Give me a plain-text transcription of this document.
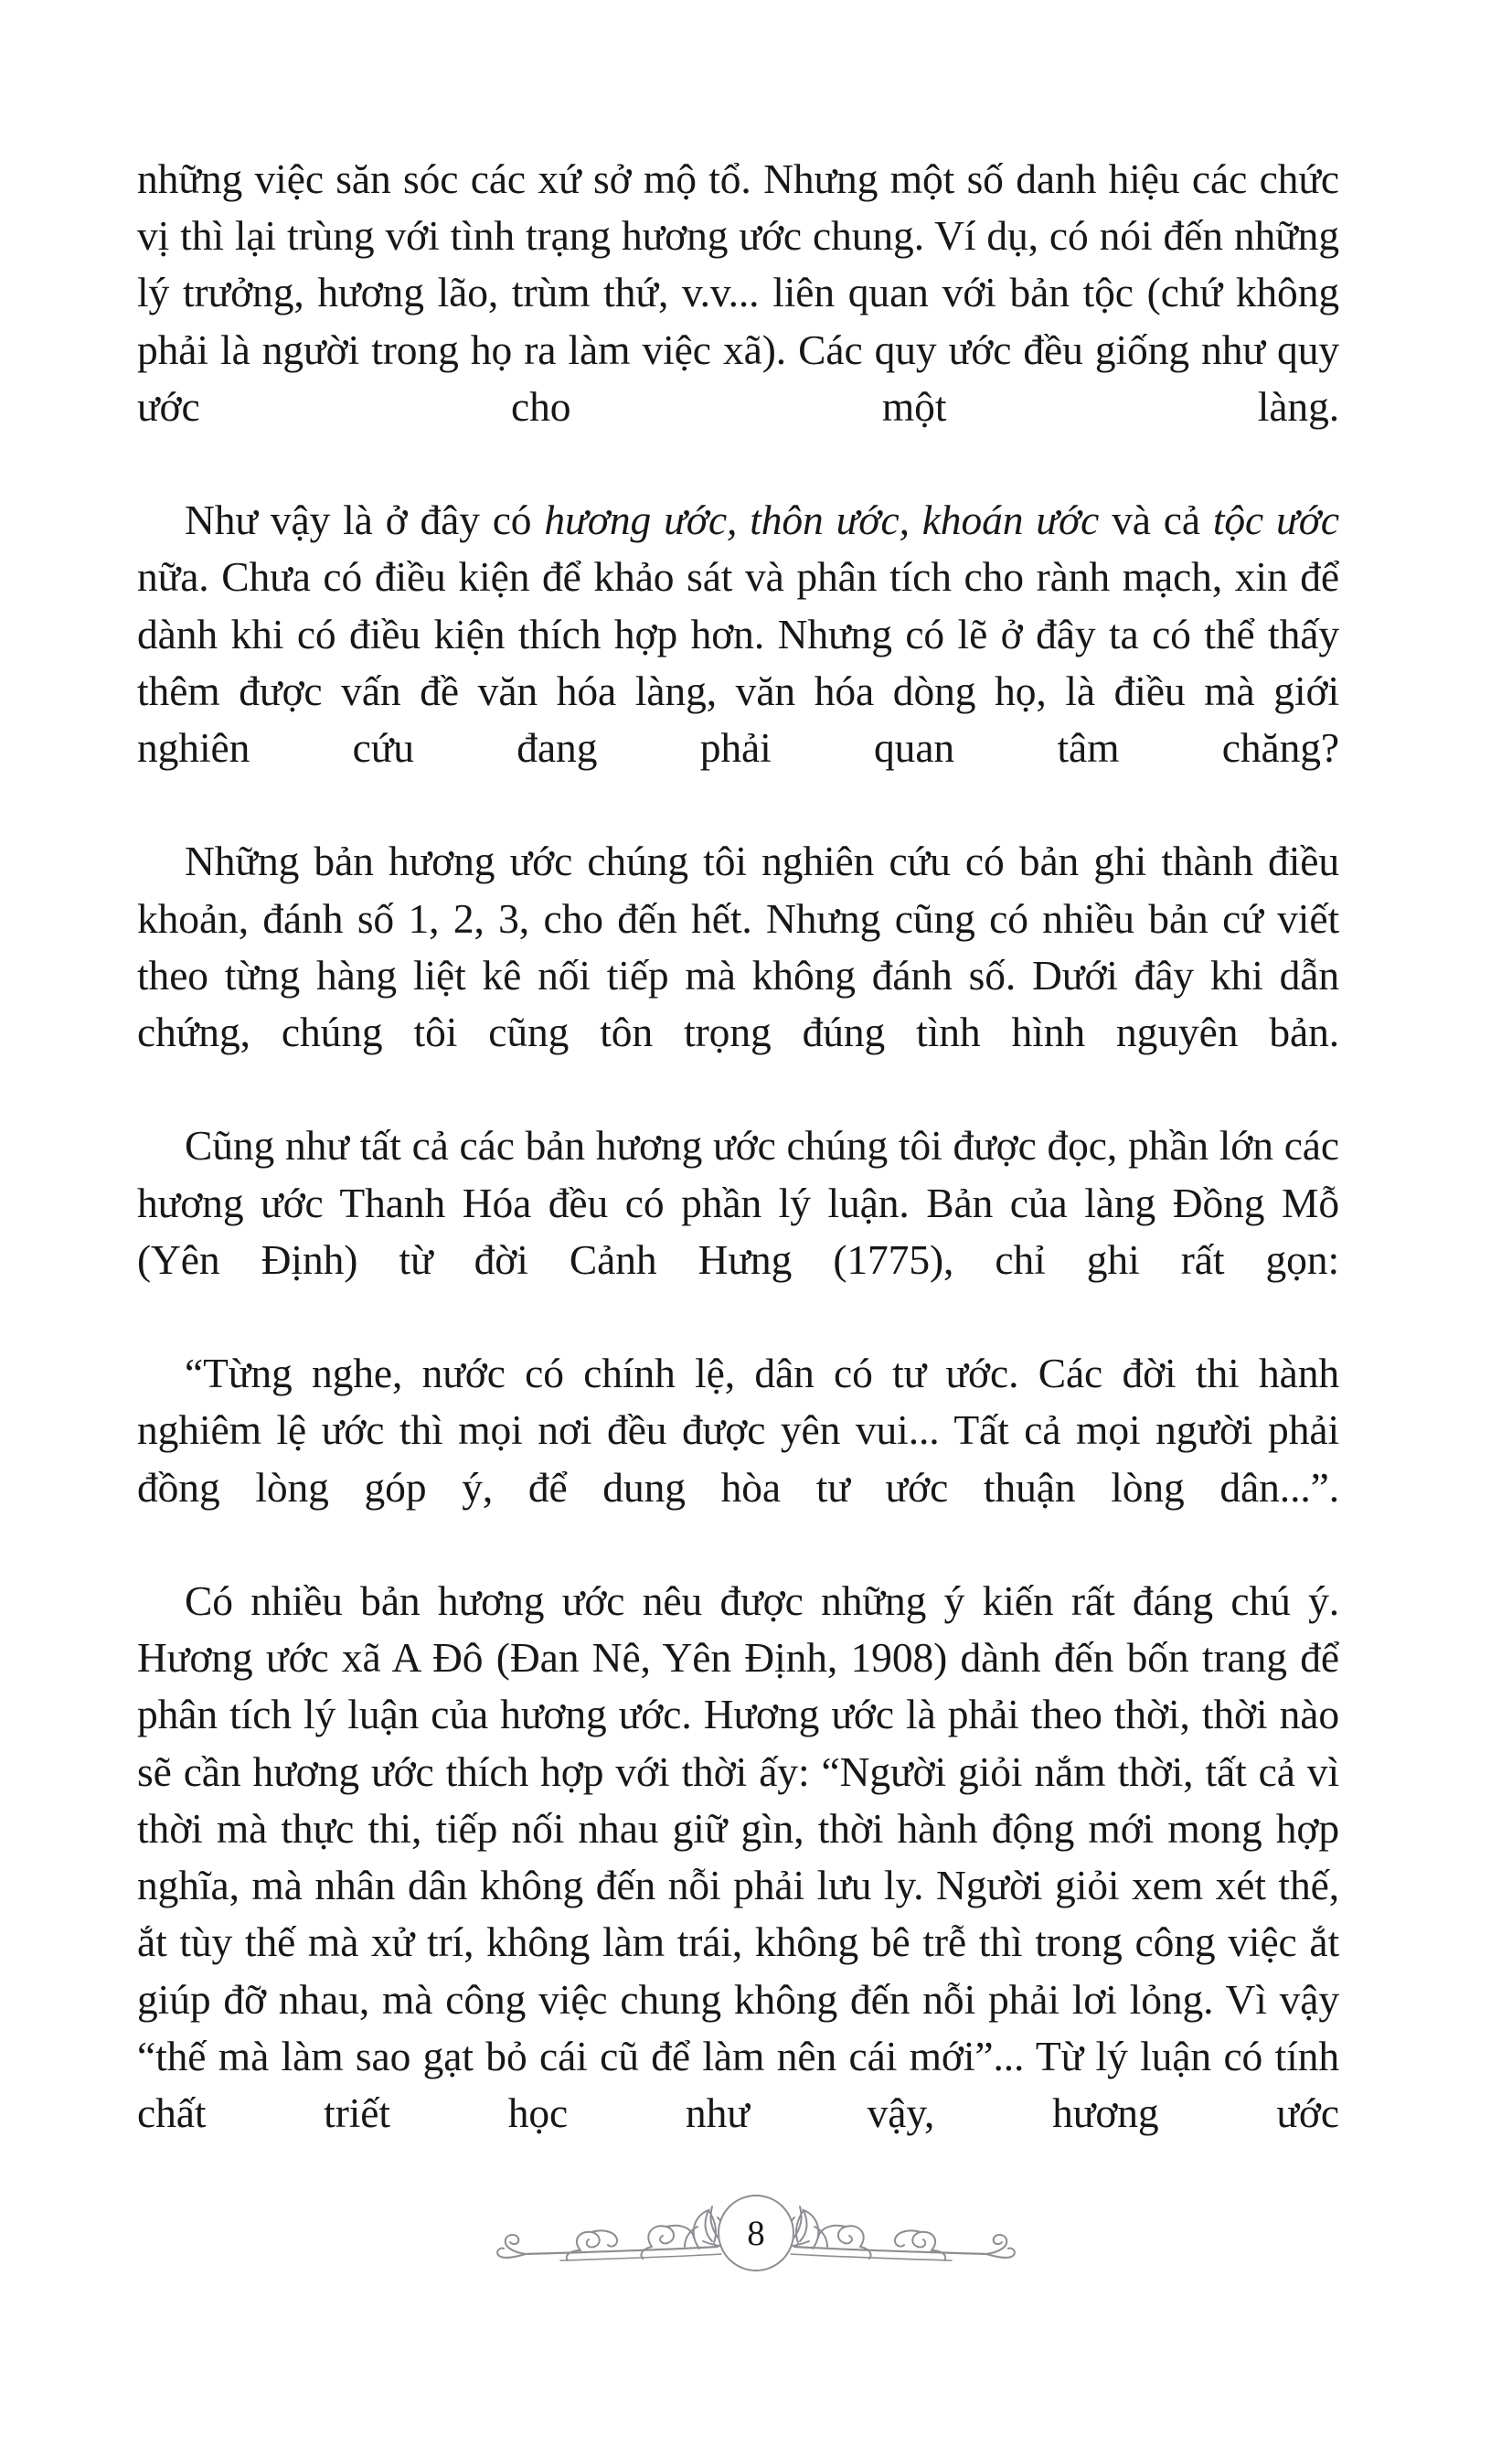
những việc săn sóc các xứ sở mộ tổ. Nhưng một số danh hiệu các chức vị thì lại trùng với tình trạng hương ước chung. Ví dụ, có nói đến những lý trưởng, hương lão, trùm thứ, v.v... liên quan với bản tộc (chứ không phải là người trong họ ra làm việc xã). Các quy ước đều giống như quy ước cho một làng.

Như vậy là ở đây có hương ước, thôn ước, khoán ước và cả tộc ước nữa. Chưa có điều kiện để khảo sát và phân tích cho rành mạch, xin để dành khi có điều kiện thích hợp hơn. Nhưng có lẽ ở đây ta có thể thấy thêm được vấn đề văn hóa làng, văn hóa dòng họ, là điều mà giới nghiên cứu đang phải quan tâm chăng?

Những bản hương ước chúng tôi nghiên cứu có bản ghi thành điều khoản, đánh số 1, 2, 3, cho đến hết. Nhưng cũng có nhiều bản cứ viết theo từng hàng liệt kê nối tiếp mà không đánh số. Dưới đây khi dẫn chứng, chúng tôi cũng tôn trọng đúng tình hình nguyên bản.

Cũng như tất cả các bản hương ước chúng tôi được đọc, phần lớn các hương ước Thanh Hóa đều có phần lý luận. Bản của làng Đồng Mỗ (Yên Định) từ đời Cảnh Hưng (1775), chỉ ghi rất gọn:

“Từng nghe, nước có chính lệ, dân có tư ước. Các đời thi hành nghiêm lệ ước thì mọi nơi đều được yên vui... Tất cả mọi người phải đồng lòng góp ý, để dung hòa tư ước thuận lòng dân...”.

Có nhiều bản hương ước nêu được những ý kiến rất đáng chú ý. Hương ước xã A Đô (Đan Nê, Yên Định, 1908) dành đến bốn trang để phân tích lý luận của hương ước. Hương ước là phải theo thời, thời nào sẽ cần hương ước thích hợp với thời ấy: “Người giỏi nắm thời, tất cả vì thời mà thực thi, tiếp nối nhau giữ gìn, thời hành động mới mong hợp nghĩa, mà nhân dân không đến nỗi phải lưu ly. Người giỏi xem xét thế, ắt tùy thế mà xử trí, không làm trái, không bê trễ thì trong công việc ắt giúp đỡ nhau, mà công việc chung không đến nỗi phải lơi lỏng. Vì vậy “thế mà làm sao gạt bỏ cái cũ để làm nên cái mới”... Từ lý luận có tính chất triết học như vậy, hương ước

8
